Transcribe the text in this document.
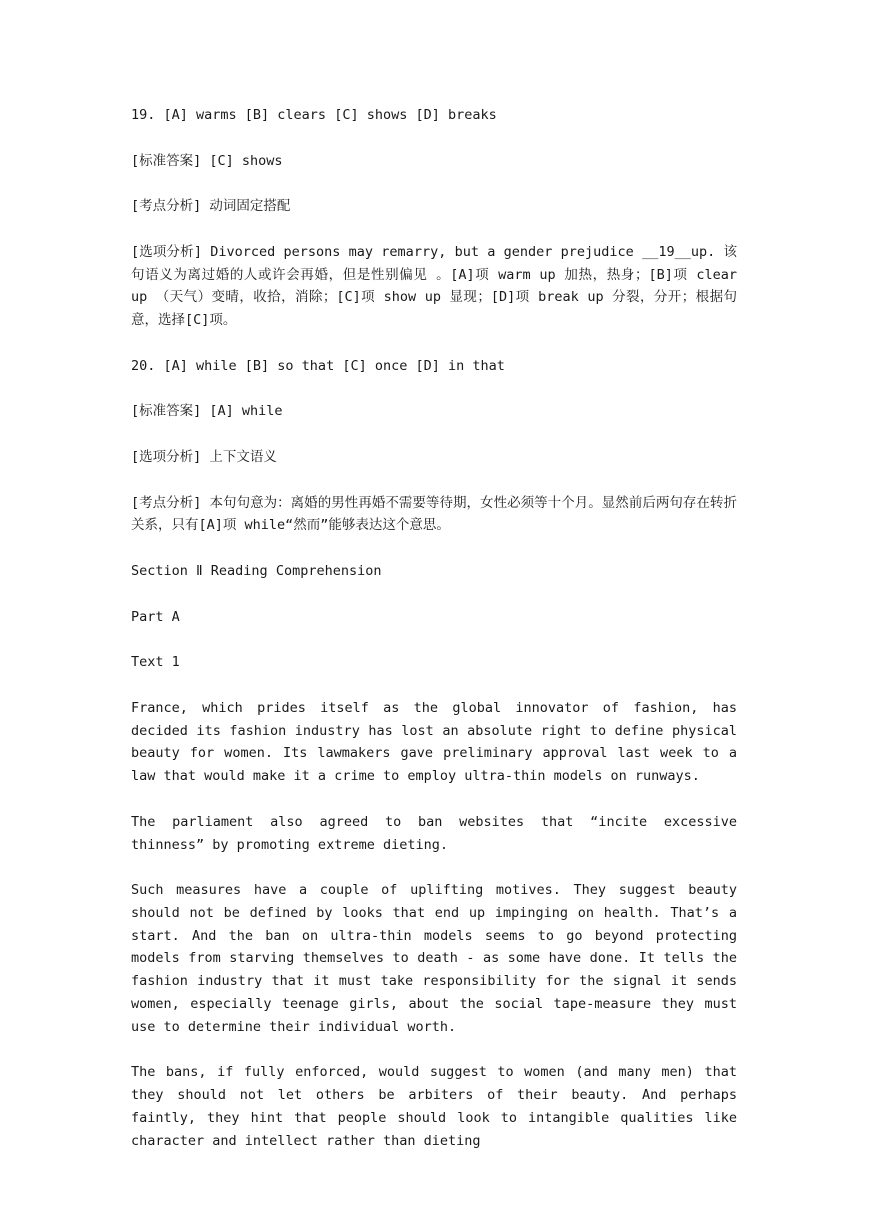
19. [A] warms [B] clears [C] shows [D] breaks

[标准答案] [C] shows

[考点分析] 动词固定搭配

[选项分析] Divorced persons may remarry, but a gender prejudice __19__up. 该句语义为离过婚的人或许会再婚，但是性别偏见 。[A]项 warm up 加热，热身；[B]项 clear up （天气）变晴，收拾，消除；[C]项 show up 显现；[D]项 break up 分裂，分开；根据句意，选择[C]项。

20. [A] while [B] so that [C] once [D] in that

[标准答案] [A] while

[选项分析] 上下文语义

[考点分析] 本句句意为：离婚的男性再婚不需要等待期，女性必须等十个月。显然前后两句存在转折关系，只有[A]项 while“然而”能够表达这个意思。

Section Ⅱ Reading Comprehension

Part A

Text 1

France, which prides itself as the global innovator of fashion, has decided its fashion industry has lost an absolute right to define physical beauty for women. Its lawmakers gave preliminary approval last week to a law that would make it a crime to employ ultra-thin models on runways.

The parliament also agreed to ban websites that “incite excessive thinness” by promoting extreme dieting.

Such measures have a couple of uplifting motives. They suggest beauty should not be defined by looks that end up impinging on health. That’s a start. And the ban on ultra-thin models seems to go beyond protecting models from starving themselves to death - as some have done. It tells the fashion industry that it must take responsibility for the signal it sends women, especially teenage girls, about the social tape-measure they must use to determine their individual worth.

The bans, if fully enforced, would suggest to women (and many men) that they should not let others be arbiters of their beauty. And perhaps faintly, they hint that people should look to intangible qualities like character and intellect rather than dieting
